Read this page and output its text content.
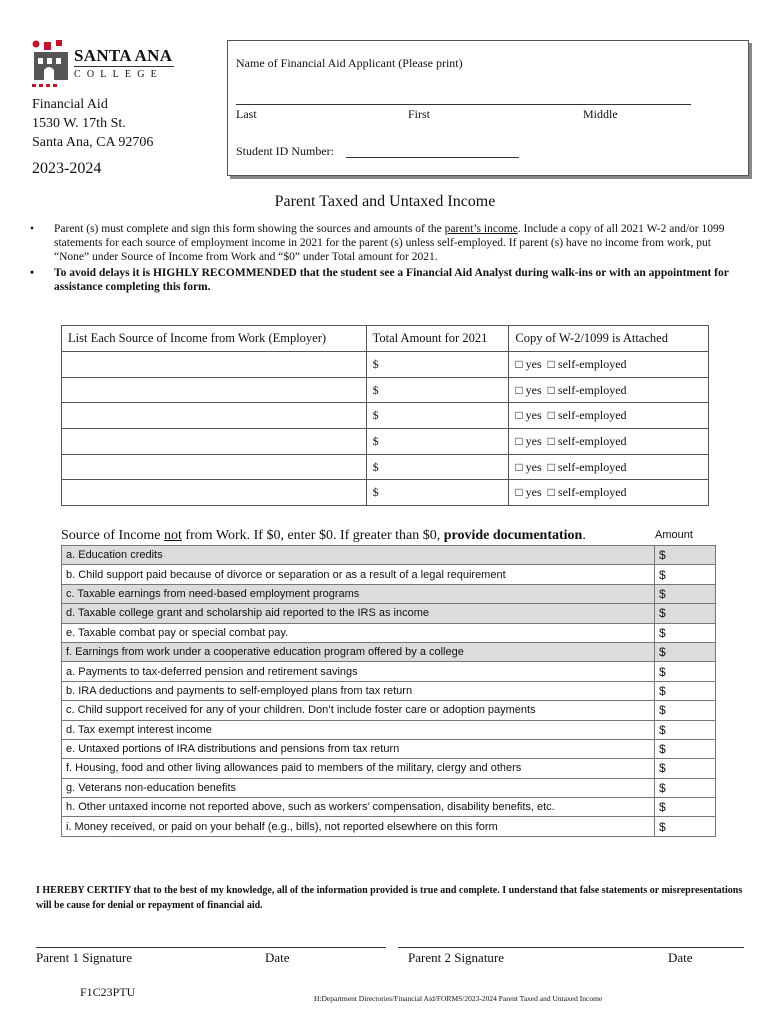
SANTA ANA
COLLEGE
Financial Aid
1530 W. 17th St.
Santa Ana, CA 92706
2023-2024
Name of Financial Aid Applicant (Please print)
Last	First	Middle
Student ID Number:
Parent Taxed and Untaxed Income
• Parent (s) must complete and sign this form showing the sources and amounts of the parent’s income. Include a copy of all 2021 W-2 and/or 1099 statements for each source of employment income in 2021 for the parent (s) unless self-employed. If parent (s) have no income from work, put “None” under Source of Income from Work and “$0” under Total amount for 2021.
• To avoid delays it is HIGHLY RECOMMENDED that the student see a Financial Aid Analyst during walk-ins or with an appointment for assistance completing this form.
List Each Source of Income from Work (Employer)	Total Amount for 2021	Copy of W-2/1099 is Attached
	$	□ yes □ self-employed
	$	□ yes □ self-employed
	$	□ yes □ self-employed
	$	□ yes □ self-employed
	$	□ yes □ self-employed
	$	□ yes □ self-employed
Source of Income not from Work. If $0, enter $0. If greater than $0, provide documentation.	Amount
a. Education credits	$
b. Child support paid because of divorce or separation or as a result of a legal requirement	$
c. Taxable earnings from need-based employment programs	$
d. Taxable college grant and scholarship aid reported to the IRS as income	$
e. Taxable combat pay or special combat pay.	$
f. Earnings from work under a cooperative education program offered by a college	$
a. Payments to tax-deferred pension and retirement savings	$
b. IRA deductions and payments to self-employed plans from tax return	$
c. Child support received for any of your children. Don’t include foster care or adoption payments	$
d. Tax exempt interest income	$
e. Untaxed portions of IRA distributions and pensions from tax return	$
f. Housing, food and other living allowances paid to members of the military, clergy and others	$
g. Veterans non-education benefits	$
h. Other untaxed income not reported above, such as workers’ compensation, disability benefits, etc.	$
i. Money received, or paid on your behalf (e.g., bills), not reported elsewhere on this form	$
I HEREBY CERTIFY that to the best of my knowledge, all of the information provided is true and complete. I understand that false statements or misrepresentations will be cause for denial or repayment of financial aid.
Parent 1 Signature	Date	Parent 2 Signature	Date
F1C23PTU	H:Department Directories/Financial Aid/FORMS/2023-2024 Parent Taxed and Untaxed Income
